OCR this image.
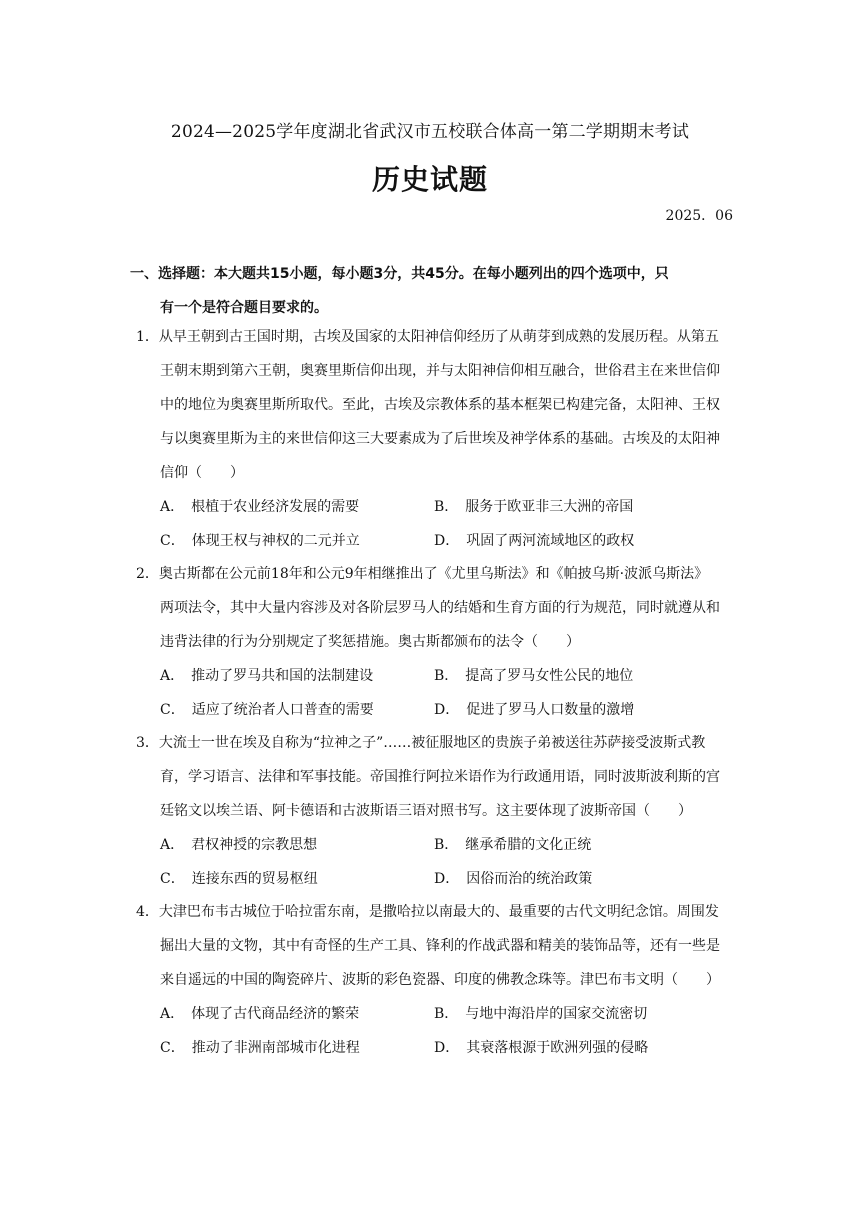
2024—2025学年度湖北省武汉市五校联合体高一第二学期期末考试
历史试题
2025．06
一、选择题：本大题共15小题，每小题3分，共45分。在每小题列出的四个选项中，只
有一个是符合题目要求的。
1．从早王朝到古王国时期，古埃及国家的太阳神信仰经历了从萌芽到成熟的发展历程。从第五
王朝末期到第六王朝，奥赛里斯信仰出现，并与太阳神信仰相互融合，世俗君主在来世信仰
中的地位为奥赛里斯所取代。至此，古埃及宗教体系的基本框架已构建完备，太阳神、王权
与以奥赛里斯为主的来世信仰这三大要素成为了后世埃及神学体系的基础。古埃及的太阳神
信仰（　　）
A．　根植于农业经济发展的需要	B．　服务于欧亚非三大洲的帝国
C．　体现王权与神权的二元并立	D．　巩固了两河流域地区的政权
2．奥古斯都在公元前18年和公元9年相继推出了《尤里乌斯法》和《帕披乌斯·波派乌斯法》
两项法令，其中大量内容涉及对各阶层罗马人的结婚和生育方面的行为规范，同时就遵从和
违背法律的行为分别规定了奖惩措施。奥古斯都颁布的法令（　　）
A．　推动了罗马共和国的法制建设	B．　提高了罗马女性公民的地位
C．　适应了统治者人口普查的需要	D．　促进了罗马人口数量的激增
3．大流士一世在埃及自称为“拉神之子”……被征服地区的贵族子弟被送往苏萨接受波斯式教
育，学习语言、法律和军事技能。帝国推行阿拉米语作为行政通用语，同时波斯波利斯的宫
廷铭文以埃兰语、阿卡德语和古波斯语三语对照书写。这主要体现了波斯帝国（　　）
A．　君权神授的宗教思想	B．　继承希腊的文化正统
C．　连接东西的贸易枢纽	D．　因俗而治的统治政策
4．大津巴布韦古城位于哈拉雷东南，是撒哈拉以南最大的、最重要的古代文明纪念馆。周围发
掘出大量的文物，其中有奇怪的生产工具、锋利的作战武器和精美的装饰品等，还有一些是
来自遥远的中国的陶瓷碎片、波斯的彩色瓷器、印度的佛教念珠等。津巴布韦文明（　　）
A．　体现了古代商品经济的繁荣	B．　与地中海沿岸的国家交流密切
C．　推动了非洲南部城市化进程	D．　其衰落根源于欧洲列强的侵略
